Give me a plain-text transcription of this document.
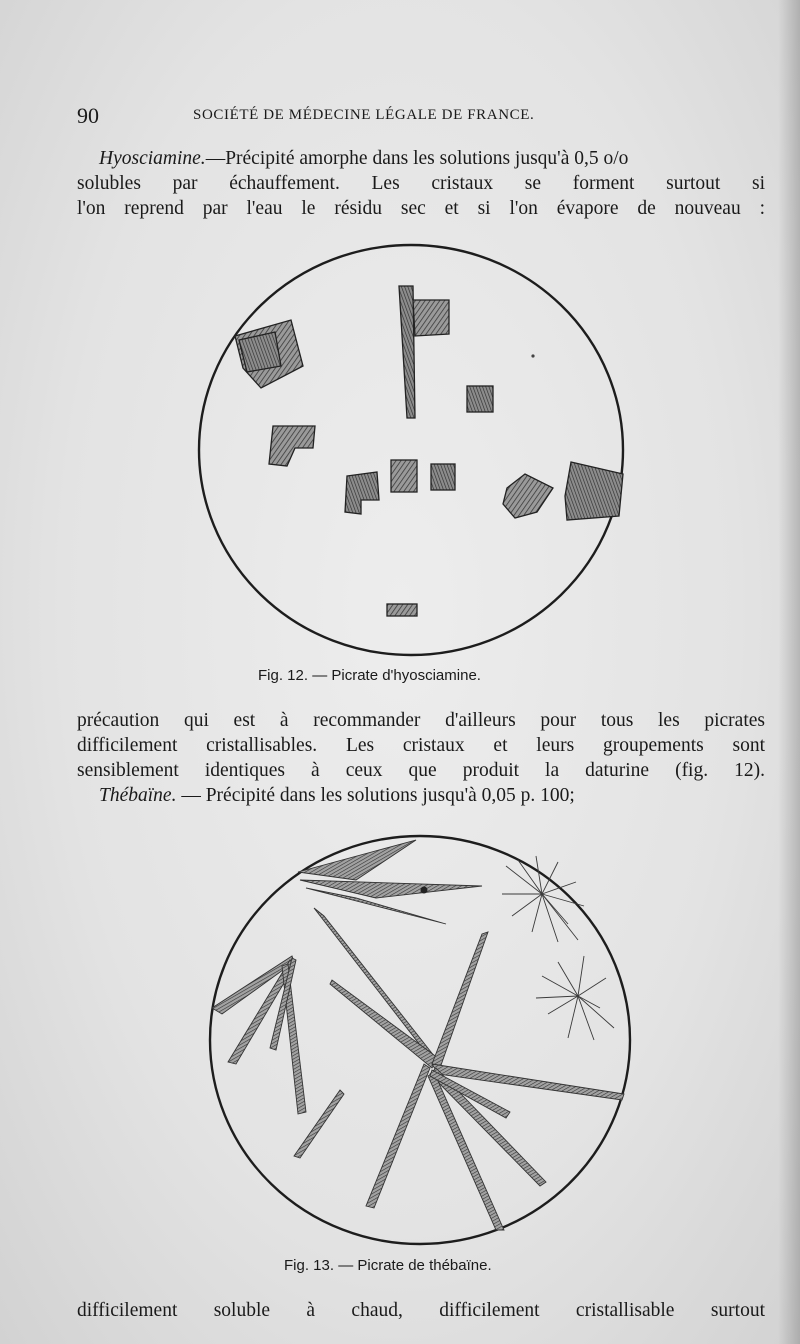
90	SOCIÉTÉ DE MÉDECINE LÉGALE DE FRANCE.

Hyosciamine.—Précipité amorphe dans les solutions jusqu'à 0,5 o/o
solubles par échauffement. Les cristaux se forment surtout si
l'on reprend par l'eau le résidu sec et si l'on évapore de nouveau :

Fig. 12. — Picrate d'hyosciamine.

précaution qui est à recommander d'ailleurs pour tous les picrates
difficilement cristallisables. Les cristaux et leurs groupements sont
sensiblement identiques à ceux que produit la daturine (fig. 12).
Thébaïne. — Précipité dans les solutions jusqu'à 0,05 p. 100;

Fig. 13. — Picrate de thébaïne.

difficilement soluble à chaud, difficilement cristallisable surtout
